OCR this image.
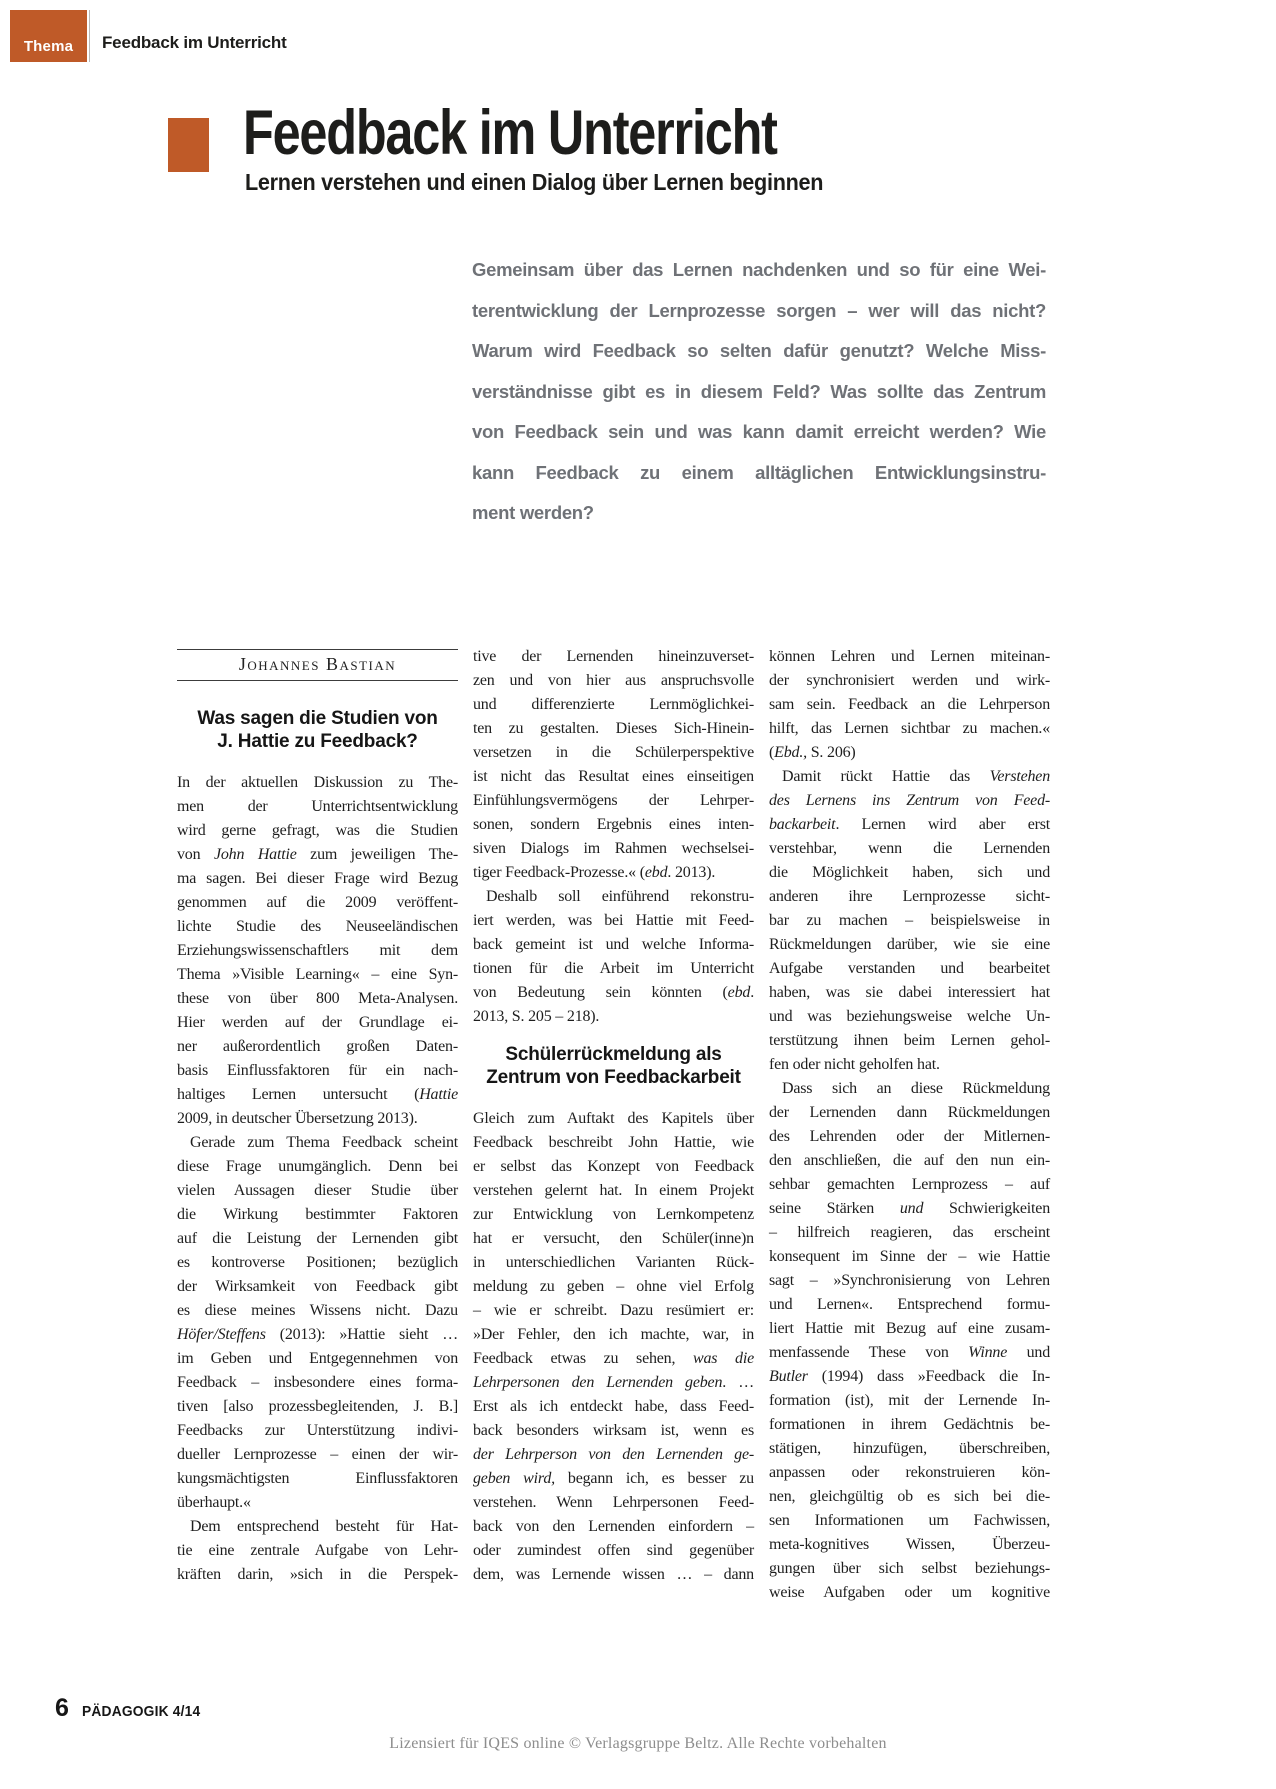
Thema Feedback im Unterricht
Feedback im Unterricht
Lernen verstehen und einen Dialog über Lernen beginnen
Gemeinsam über das Lernen nachdenken und so für eine Wei-
terentwicklung der Lernprozesse sorgen – wer will das nicht?
Warum wird Feedback so selten dafür genutzt? Welche Miss-
verständnisse gibt es in diesem Feld? Was sollte das Zentrum
von Feedback sein und was kann damit erreicht werden? Wie
kann Feedback zu einem alltäglichen Entwicklungsinstru-
ment werden?
Johannes Bastian
Was sagen die Studien von
J. Hattie zu Feedback?
In der aktuellen Diskussion zu The-
men der Unterrichtsentwicklung
wird gerne gefragt, was die Studien
von John Hattie zum jeweiligen The-
ma sagen. Bei dieser Frage wird Bezug
genommen auf die 2009 veröffent-
lichte Studie des Neuseeländischen
Erziehungswissenschaftlers mit dem
Thema »Visible Learning« – eine Syn-
these von über 800 Meta-Analysen.
Hier werden auf der Grundlage ei-
ner außerordentlich großen Daten-
basis Einflussfaktoren für ein nach-
haltiges Lernen untersucht (Hattie
2009, in deutscher Übersetzung 2013).
Gerade zum Thema Feedback scheint
diese Frage unumgänglich. Denn bei
vielen Aussagen dieser Studie über
die Wirkung bestimmter Faktoren
auf die Leistung der Lernenden gibt
es kontroverse Positionen; bezüglich
der Wirksamkeit von Feedback gibt
es diese meines Wissens nicht. Dazu
Höfer/Steffens (2013): »Hattie sieht …
im Geben und Entgegennehmen von
Feedback – insbesondere eines forma-
tiven [also prozessbegleitenden, J. B.]
Feedbacks zur Unterstützung indivi-
dueller Lernprozesse – einen der wir-
kungsmächtigsten Einflussfaktoren
überhaupt.«
Dem entsprechend besteht für Hat-
tie eine zentrale Aufgabe von Lehr-
kräften darin, »sich in die Perspek-
tive der Lernenden hineinzuverset-
zen und von hier aus anspruchsvolle
und differenzierte Lernmöglichkei-
ten zu gestalten. Dieses Sich-Hinein-
versetzen in die Schülerperspektive
ist nicht das Resultat eines einseitigen
Einfühlungsvermögens der Lehrper-
sonen, sondern Ergebnis eines inten-
siven Dialogs im Rahmen wechselsei-
tiger Feedback-Prozesse.« (ebd. 2013).
Deshalb soll einführend rekonstru-
iert werden, was bei Hattie mit Feed-
back gemeint ist und welche Informa-
tionen für die Arbeit im Unterricht
von Bedeutung sein könnten (ebd.
2013, S. 205 – 218).
Schülerrückmeldung als
Zentrum von Feedbackarbeit
Gleich zum Auftakt des Kapitels über
Feedback beschreibt John Hattie, wie
er selbst das Konzept von Feedback
verstehen gelernt hat. In einem Projekt
zur Entwicklung von Lernkompetenz
hat er versucht, den Schüler(inne)n
in unterschiedlichen Varianten Rück-
meldung zu geben – ohne viel Erfolg
– wie er schreibt. Dazu resümiert er:
»Der Fehler, den ich machte, war, in
Feedback etwas zu sehen, was die
Lehrpersonen den Lernenden geben. …
Erst als ich entdeckt habe, dass Feed-
back besonders wirksam ist, wenn es
der Lehrperson von den Lernenden ge-
geben wird, begann ich, es besser zu
verstehen. Wenn Lehrpersonen Feed-
back von den Lernenden einfordern –
oder zumindest offen sind gegenüber
dem, was Lernende wissen … – dann
können Lehren und Lernen miteinan-
der synchronisiert werden und wirk-
sam sein. Feedback an die Lehrperson
hilft, das Lernen sichtbar zu machen.«
(Ebd., S. 206)
Damit rückt Hattie das Verstehen
des Lernens ins Zentrum von Feed-
backarbeit. Lernen wird aber erst
verstehbar, wenn die Lernenden
die Möglichkeit haben, sich und
anderen ihre Lernprozesse sicht-
bar zu machen – beispielsweise in
Rückmeldungen darüber, wie sie eine
Aufgabe verstanden und bearbeitet
haben, was sie dabei interessiert hat
und was beziehungsweise welche Un-
terstützung ihnen beim Lernen gehol-
fen oder nicht geholfen hat.
Dass sich an diese Rückmeldung
der Lernenden dann Rückmeldungen
des Lehrenden oder der Mitlernen-
den anschließen, die auf den nun ein-
sehbar gemachten Lernprozess – auf
seine Stärken und Schwierigkeiten
– hilfreich reagieren, das erscheint
konsequent im Sinne der – wie Hattie
sagt – »Synchronisierung von Lehren
und Lernen«. Entsprechend formu-
liert Hattie mit Bezug auf eine zusam-
menfassende These von Winne und
Butler (1994) dass »Feedback die In-
formation (ist), mit der Lernende In-
formationen in ihrem Gedächtnis be-
stätigen, hinzufügen, überschreiben,
anpassen oder rekonstruieren kön-
nen, gleichgültig ob es sich bei die-
sen Informationen um Fachwissen,
meta-kognitives Wissen, Überzeu-
gungen über sich selbst beziehungs-
weise Aufgaben oder um kognitive
6 PÄDAGOGIK 4/14
Lizensiert für IQES online © Verlagsgruppe Beltz. Alle Rechte vorbehalten
